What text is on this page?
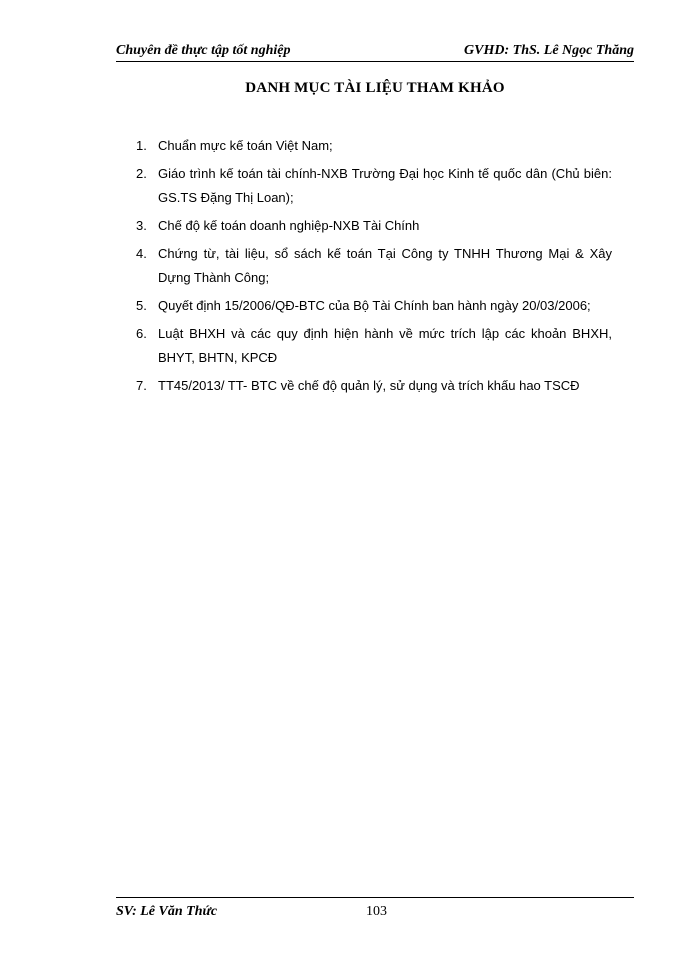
Chuyên đề thực tập tốt nghiệp	GVHD: ThS. Lê Ngọc Thăng
DANH MỤC TÀI LIỆU THAM KHẢO
1. Chuẩn mực kế toán Việt Nam;
2. Giáo trình kế toán tài chính-NXB Trường Đại học Kinh tế quốc dân (Chủ biên: GS.TS Đặng Thị Loan);
3. Chế độ kế toán doanh nghiệp-NXB Tài Chính
4. Chứng từ, tài liệu, sổ sách kế toán Tại Công ty TNHH Thương Mại & Xây Dựng Thành Công;
5. Quyết định 15/2006/QĐ-BTC của Bộ Tài Chính ban hành ngày 20/03/2006;
6. Luật BHXH và các quy định hiện hành về mức trích lập các khoản BHXH, BHYT, BHTN, KPCĐ
7. TT45/2013/ TT- BTC về chế độ quản lý, sử dụng và trích khấu hao TSCĐ
SV: Lê Văn Thức	103
